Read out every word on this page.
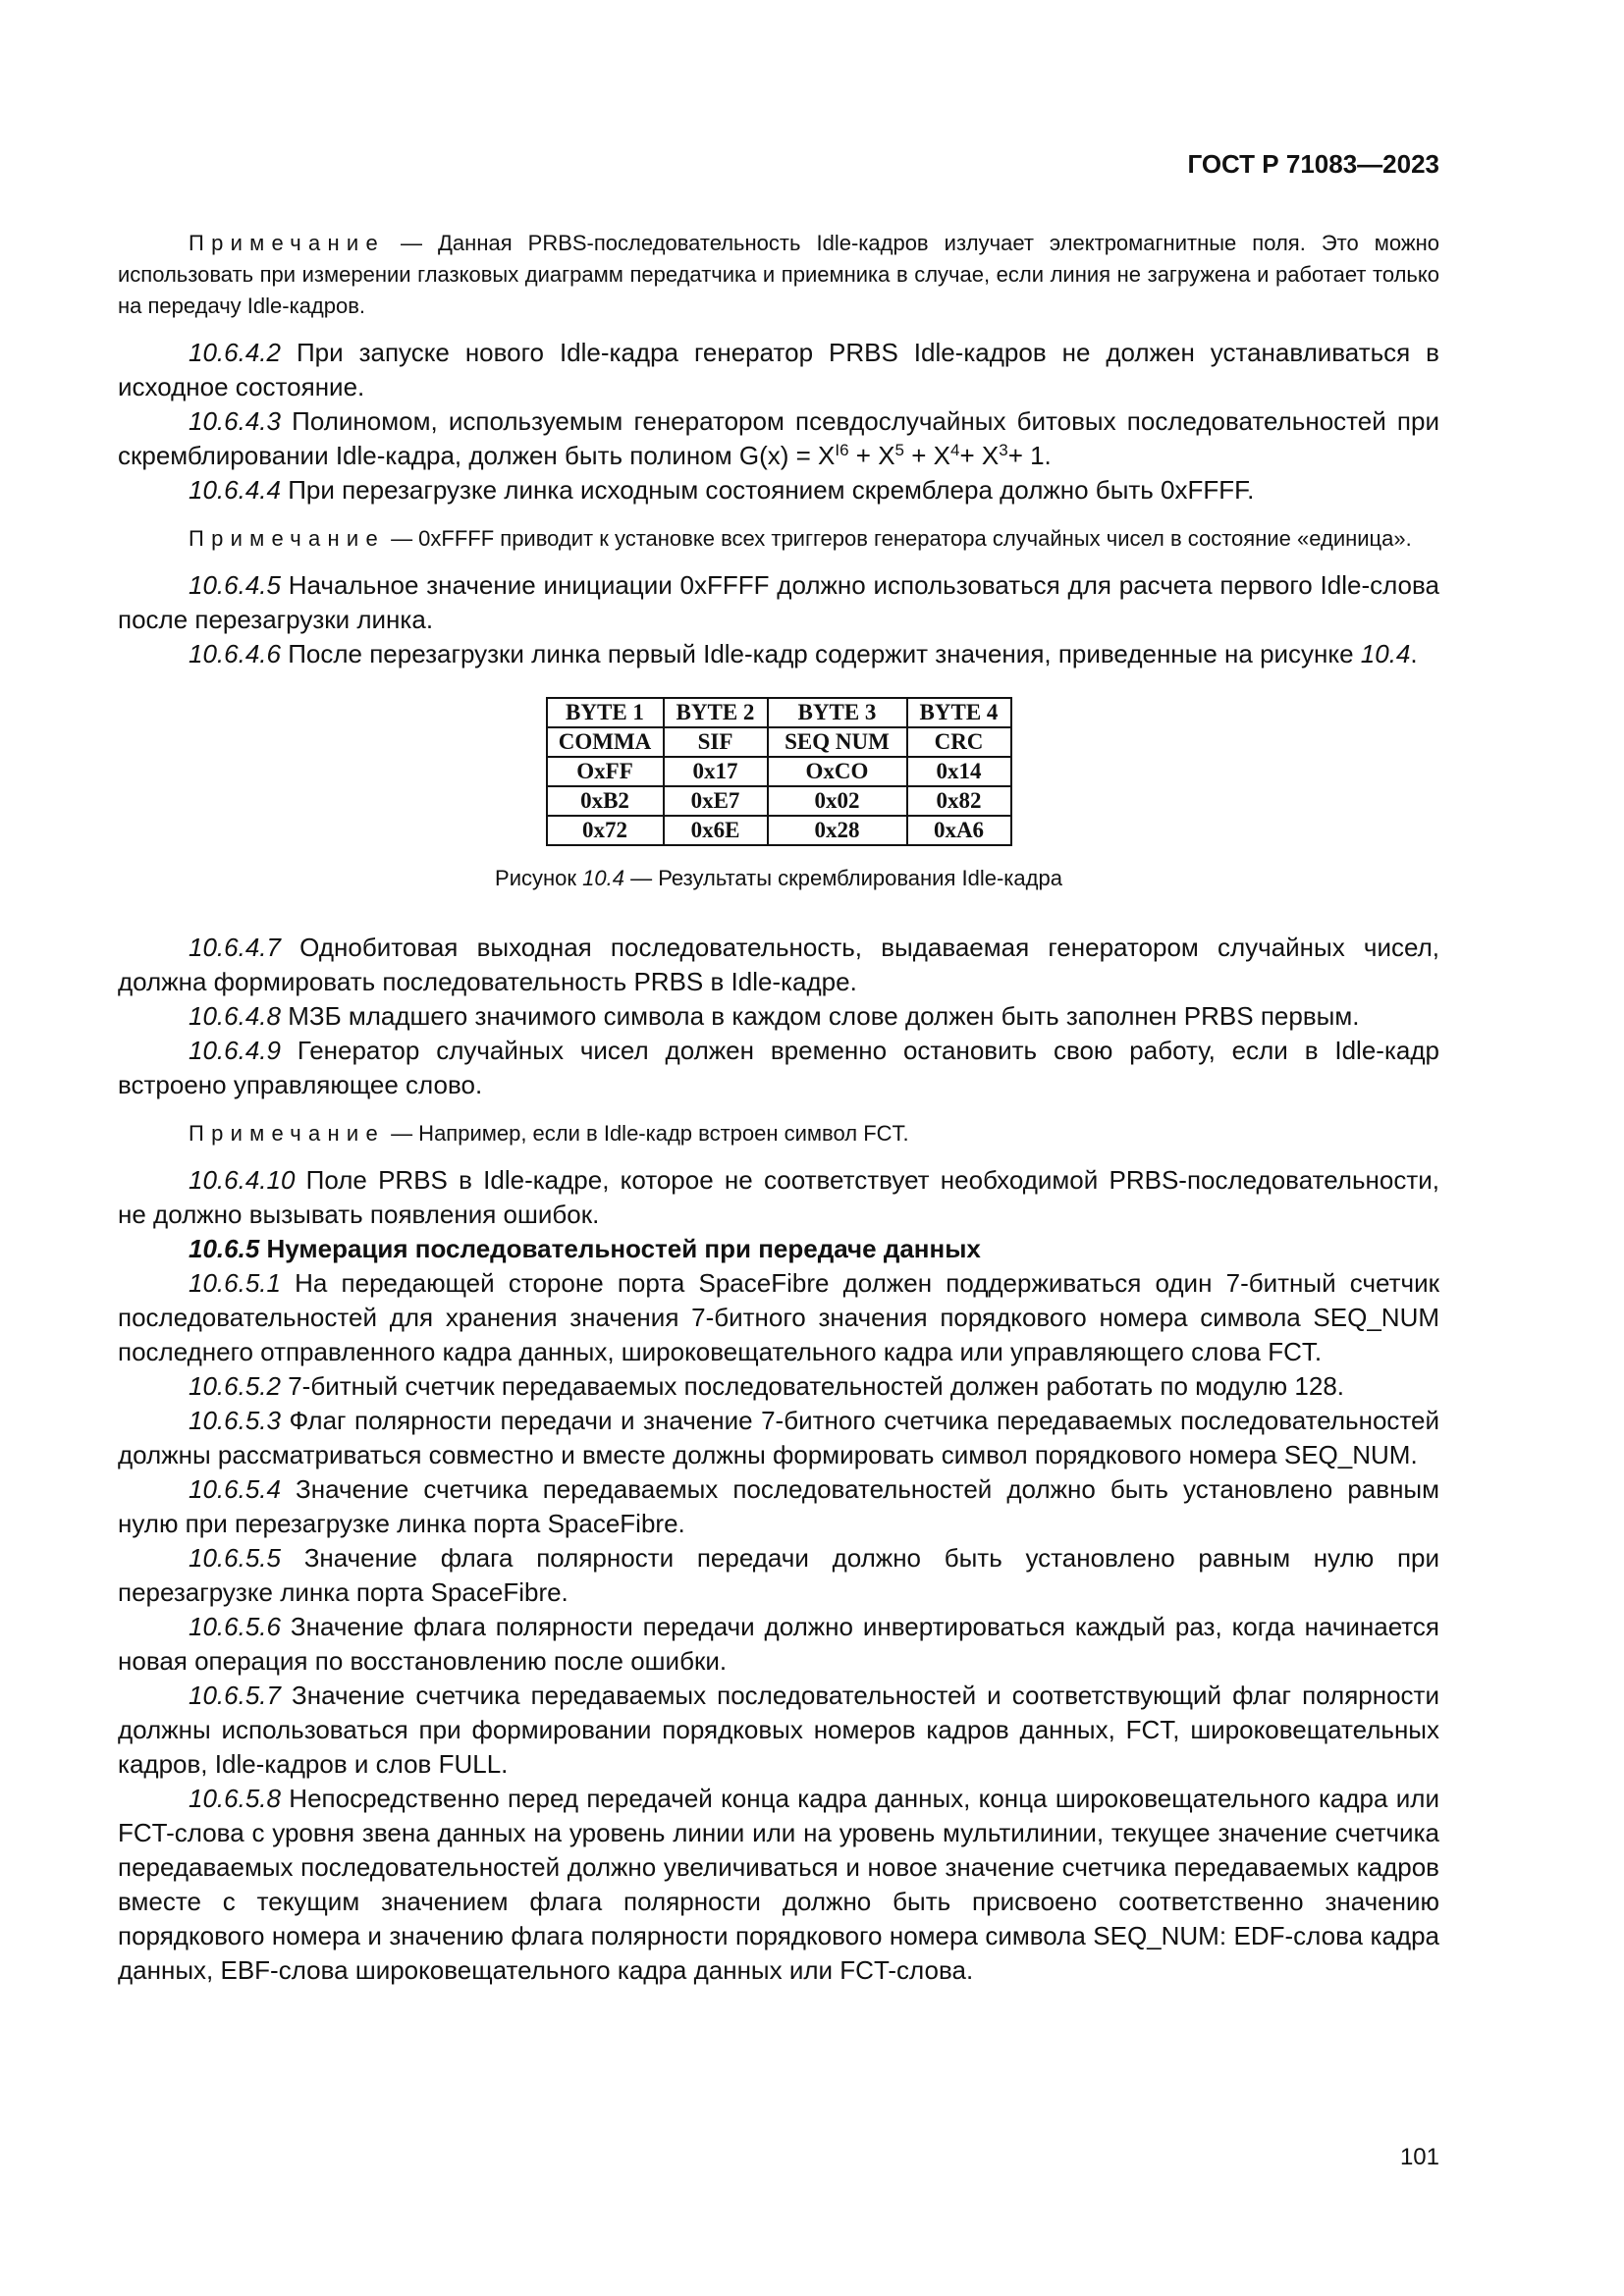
ГОСТ Р 71083—2023

Примечание — Данная PRBS-последовательность Idle-кадров излучает электромагнитные поля. Это можно использовать при измерении глазковых диаграмм передатчика и приемника в случае, если линия не загружена и работает только на передачу Idle-кадров.

10.6.4.2 При запуске нового Idle-кадра генератор PRBS Idle-кадров не должен устанавливаться в исходное состояние.

10.6.4.3 Полиномом, используемым генератором псевдослучайных битовых последовательностей при скремблировании Idle-кадра, должен быть полином $G(x) = X^{I6} + X^5 + X^4+ X^3+ 1$.

10.6.4.4 При перезагрузке линка исходным состоянием скремблера должно быть 0xFFFF.

Примечание — 0xFFFF приводит к установке всех триггеров генератора случайных чисел в состояние «единица».

10.6.4.5 Начальное значение инициации 0xFFFF должно использоваться для расчета первого Idle-слова после перезагрузки линка.

10.6.4.6 После перезагрузки линка первый Idle-кадр содержит значения, приведенные на рисунке 10.4.

BYTE 1	BYTE 2	BYTE 3	BYTE 4
COMMA	SIF	SEQ NUM	CRC
OxFF	0x17	OxCO	0x14
0xB2	0xE7	0x02	0x82
0x72	0x6E	0x28	0xA6
Рисунок 10.4 — Результаты скремблирования Idle-кадра

10.6.4.7 Однобитовая выходная последовательность, выдаваемая генератором случайных чисел, должна формировать последовательность PRBS в Idle-кадре.

10.6.4.8 МЗБ младшего значимого символа в каждом слове должен быть заполнен PRBS первым.

10.6.4.9 Генератор случайных чисел должен временно остановить свою работу, если в Idle-кадр встроено управляющее слово.

Примечание — Например, если в Idle-кадр встроен символ FCT.

10.6.4.10 Поле PRBS в Idle-кадре, которое не соответствует необходимой PRBS-последовательности, не должно вызывать появления ошибок.

10.6.5 Нумерация последовательностей при передаче данных

10.6.5.1 На передающей стороне порта SpaceFibre должен поддерживаться один 7-битный счетчик последовательностей для хранения значения 7-битного значения порядкового номера символа SEQ_NUM последнего отправленного кадра данных, широковещательного кадра или управляющего слова FCT.

10.6.5.2 7-битный счетчик передаваемых последовательностей должен работать по модулю 128.

10.6.5.3 Флаг полярности передачи и значение 7-битного счетчика передаваемых последовательностей должны рассматриваться совместно и вместе должны формировать символ порядкового номера SEQ_NUM.

10.6.5.4 Значение счетчика передаваемых последовательностей должно быть установлено равным нулю при перезагрузке линка порта SpaceFibre.

10.6.5.5 Значение флага полярности передачи должно быть установлено равным нулю при перезагрузке линка порта SpaceFibre.

10.6.5.6 Значение флага полярности передачи должно инвертироваться каждый раз, когда начинается новая операция по восстановлению после ошибки.

10.6.5.7 Значение счетчика передаваемых последовательностей и соответствующий флаг полярности должны использоваться при формировании порядковых номеров кадров данных, FCT, широковещательных кадров, Idle-кадров и слов FULL.

10.6.5.8 Непосредственно перед передачей конца кадра данных, конца широковещательного кадра или FCT-слова с уровня звена данных на уровень линии или на уровень мультилинии, текущее значение счетчика передаваемых последовательностей должно увеличиваться и новое значение счетчика передаваемых кадров вместе с текущим значением флага полярности должно быть присвоено соответственно значению порядкового номера и значению флага полярности порядкового номера символа SEQ_NUM: EDF-слова кадра данных, EBF-слова широковещательного кадра данных или FCT-слова.

101
